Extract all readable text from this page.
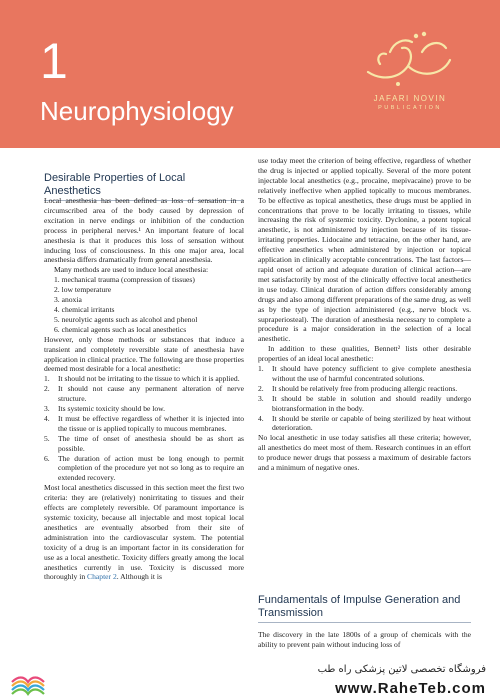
1
Neurophysiology	JAFARI NOVIN
PUBLICATION
Desirable Properties of Local Anesthetics

Local anesthesia has been defined as loss of sensation in a circumscribed area of the body caused by depression of excitation in nerve endings or inhibition of the conduction process in peripheral nerves.¹ An important feature of local anesthesia is that it produces this loss of sensation without inducing loss of consciousness. In this one major area, local anesthesia differs dramatically from general anesthesia.

Many methods are used to induce local anesthesia:

1. mechanical trauma (compression of tissues)
2. low temperature
3. anoxia
4. chemical irritants
5. neurolytic agents such as alcohol and phenol
6. chemical agents such as local anesthetics

However, only those methods or substances that induce a transient and completely reversible state of anesthesia have application in clinical practice. The following are those properties deemed most desirable for a local anesthetic:

1. It should not be irritating to the tissue to which it is applied.
2. It should not cause any permanent alteration of nerve structure.
3. Its systemic toxicity should be low.
4. It must be effective regardless of whether it is injected into the tissue or is applied topically to mucous membranes.
5. The time of onset of anesthesia should be as short as possible.
6. The duration of action must be long enough to permit completion of the procedure yet not so long as to require an extended recovery.

Most local anesthetics discussed in this section meet the first two criteria: they are (relatively) nonirritating to tissues and their effects are completely reversible. Of paramount importance is systemic toxicity, because all injectable and most topical local anesthetics are eventually absorbed from their site of administration into the cardiovascular system. The potential toxicity of a drug is an important factor in its consideration for use as a local anesthetic. Toxicity differs greatly among the local anesthetics currently in use. Toxicity is discussed more thoroughly in Chapter 2. Although it is

use today meet the criterion of being effective, regardless of whether the drug is injected or applied topically. Several of the more potent injectable local anesthetics (e.g., procaine, mepivacaine) prove to be relatively ineffective when applied topically to mucous membranes. To be effective as topical anesthetics, these drugs must be applied in concentrations that prove to be locally irritating to tissues, while increasing the risk of systemic toxicity. Dyclonine, a potent topical anesthetic, is not administered by injection because of its tissue-irritating properties. Lidocaine and tetracaine, on the other hand, are effective anesthetics when administered by injection or topical application in clinically acceptable concentrations. The last factors—rapid onset of action and adequate duration of clinical action—are met satisfactorily by most of the clinically effective local anesthetics in use today. Clinical duration of action differs considerably among drugs and also among different preparations of the same drug, as well as by the type of injection administered (e.g., nerve block vs. supraperiosteal). The duration of anesthesia necessary to complete a procedure is a major consideration in the selection of a local anesthetic.

In addition to these qualities, Bennett² lists other desirable properties of an ideal local anesthetic:

1. It should have potency sufficient to give complete anesthesia without the use of harmful concentrated solutions.
2. It should be relatively free from producing allergic reactions.
3. It should be stable in solution and should readily undergo biotransformation in the body.
4. It should be sterile or capable of being sterilized by heat without deterioration.

No local anesthetic in use today satisfies all these criteria; however, all anesthetics do meet most of them. Research continues in an effort to produce newer drugs that possess a maximum of desirable factors and a minimum of negative ones.

Fundamentals of Impulse Generation and Transmission

The discovery in the late 1800s of a group of chemicals with the ability to prevent pain without inducing loss of

فروشگاه تخصصی لاتین پزشکی راه طب
www.RaheTeb.com
